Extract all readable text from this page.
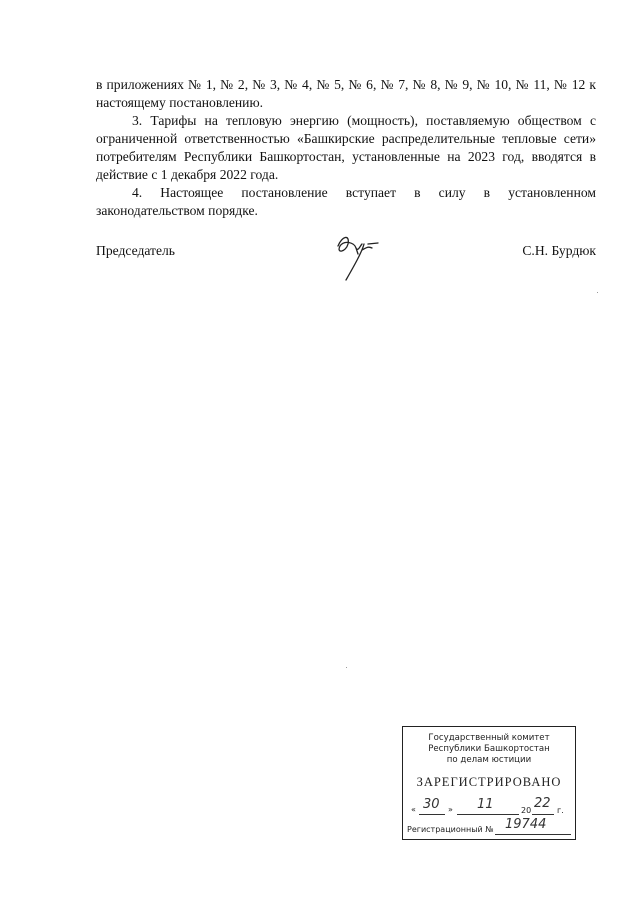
в приложениях № 1, № 2, № 3, № 4, № 5, № 6, № 7, № 8, № 9, № 10, № 11, № 12 к настоящему постановлению.

3. Тарифы на тепловую энергию (мощность), поставляемую обществом с ограниченной ответственностью «Башкирские распределительные тепловые сети» потребителям Республики Башкортостан, установленные на 2023 год, вводятся в действие с 1 декабря 2022 года.

4. Настоящее постановление вступает в силу в установленном законодательством порядке.

Председатель	С.Н. Бурдюк
Государственный комитет
Республики Башкортостан
по делам юстиции
ЗАРЕГИСТРИРОВАНО
« 30 » 11	20 22 г.
Регистрационный № 19744
